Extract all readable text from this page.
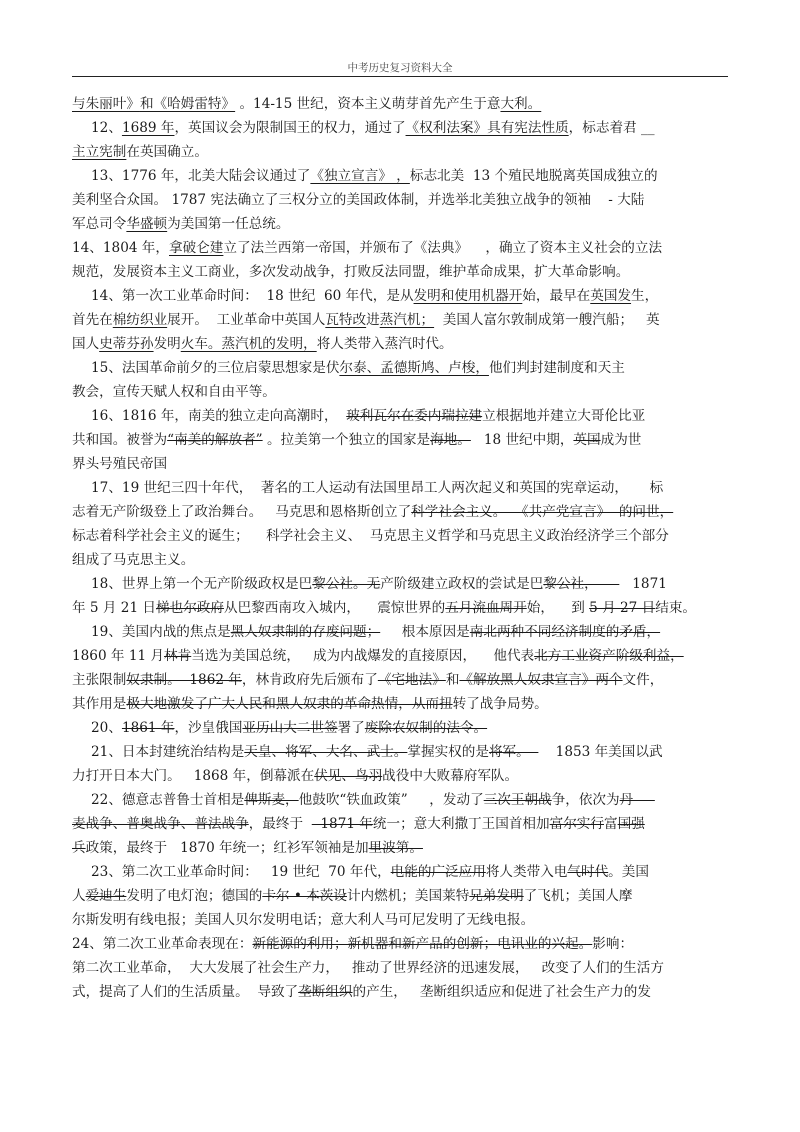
中考历史复习资料大全

与朱丽叶》和《哈姆雷特》 。14-15 世纪，资本主义萌芽首先产生于意大利。

12、1689 年，英国议会为限制国王的权力，通过了《权利法案》具有宪法性质，标志着君 __

主立宪制在英国确立。

13、1776 年，北美大陆会议通过了《独立宣言》 ，标志北美  13 个殖民地脱离英国成独立的

美利坚合众国。 1787 宪法确立了三权分立的美国政体制，并选举北美独立战争的领袖    - 大陆

军总司令华盛顿为美国第一任总统。

14、1804 年，拿破仑建立了法兰西第一帝国，并颁布了《法典》    ，确立了资本主义社会的立法

规范，发展资本主义工商业，多次发动战争，打败反法同盟，维护革命成果，扩大革命影响。

14、第一次工业革命时间：  18 世纪  60 年代，是从发明和使用机器开始，最早在英国发生，

首先在棉纺织业展开。  工业革命中英国人瓦特改进蒸汽机；  美国人富尔敦制成第一艘汽船；   英

国人史蒂芬孙发明火车。蒸汽机的发明，将人类带入蒸汽时代。

15、法国革命前夕的三位启蒙思想家是伏尔泰、孟德斯鸠、卢梭，他们判封建制度和天主

教会，宣传天赋人权和自由平等。

16、1816 年，南美的独立走向高潮时，  玻利瓦尔在委内瑞拉建立根据地并建立大哥伦比亚

共和国。被誉为“南美的解放者” 。拉美第一个独立的国家是海地。   18 世纪中期，英国成为世

界头号殖民帝国

17、19 世纪三四十年代，  著名的工人运动有法国里昂工人两次起义和英国的宪章运动，     标

志着无产阶级登上了政治舞台。   马克思和恩格斯创立了科学社会主义。  《共产党宣言》  的问世，

标志着科学社会主义的诞生；    科学社会主义、  马克思主义哲学和马克思主义政治经济学三个部分

组成了马克思主义。

18、世界上第一个无产阶级政权是巴黎公社。无产阶级建立政权的尝试是巴黎公社，        1871

年 5 月 21 日梯也尔政府从巴黎西南攻入城内，    震惊世界的五月流血周开始，    到 5 月 27 日结束。

19、美国内战的焦点是黑人奴隶制的存废问题；     根本原因是南北两种不同经济制度的矛盾，

1860 年 11 月林肯当选为美国总统，   成为内战爆发的直接原因，    他代表北方工业资产阶级利益，

主张限制奴隶制。  1862 年，林肯政府先后颁布了《宅地法》和《解放黑人奴隶宣言》两个文件，

其作用是极大地激发了广大人民和黑人奴隶的革命热情，从而扭转了战争局势。

20、1861 年，沙皇俄国亚历山大二世签署了废除农奴制的法令。

21、日本封建统治结构是天皇、将军、大名、武士。掌握实权的是将军。      1853 年美国以武

力打开日本大门。   1868 年，倒幕派在伏见、鸟羽战役中大败幕府军队。

22、德意志普鲁士首相是俾斯麦，他鼓吹“铁血政策”     ，发动了三次王朝战争，依次为丹

麦战争、普奥战争、普法战争，最终于    1871 年统一；意大利撒丁王国首相加富尔实行富国强

兵政策，最终于   1870 年统一；红衫军领袖是加里波第。

23、第二次工业革命时间：   19 世纪  70 年代，电能的广泛应用将人类带入电气时代。美国

人爱迪生发明了电灯泡；德国的卡尔 • 本茨设计内燃机；美国莱特兄弟发明了飞机；美国人摩

尔斯发明有线电报；美国人贝尔发明电话；意大利人马可尼发明了无线电报。

24、第二次工业革命表现在：新能源的利用；新机器和新产品的创新；电讯业的兴起。影响：

第二次工业革命，  大大发展了社会生产力，   推动了世界经济的迅速发展，   改变了人们的生活方

式，提高了人们的生活质量。  导致了垄断组织的产生，   垄断组织适应和促进了社会生产力的发
